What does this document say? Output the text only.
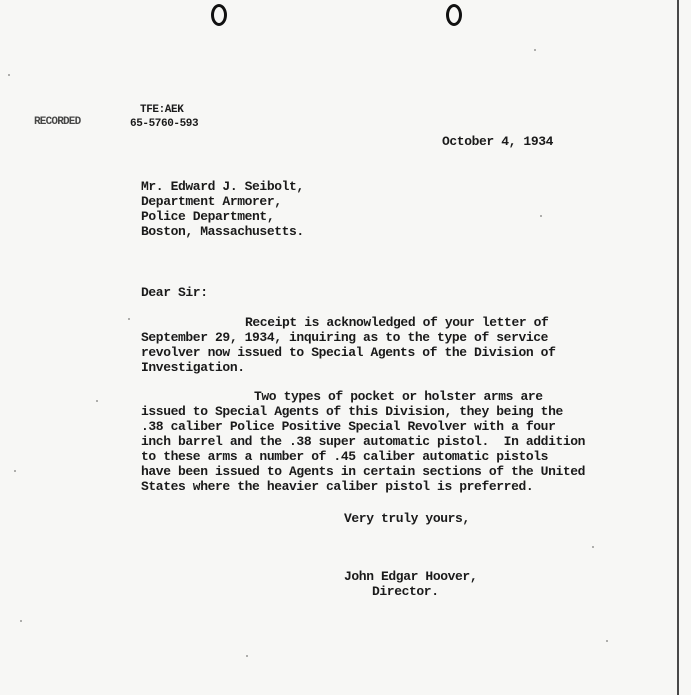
RECORDED
TFE:AEK
65-5760-593
October 4, 1934
Mr. Edward J. Seibolt,
Department Armorer,
Police Department,
Boston, Massachusetts.
Dear Sir:
Receipt is acknowledged of your letter of
September 29, 1934, inquiring as to the type of service
revolver now issued to Special Agents of the Division of
Investigation.
Two types of pocket or holster arms are
issued to Special Agents of this Division, they being the
.38 caliber Police Positive Special Revolver with a four
inch barrel and the .38 super automatic pistol.  In addition
to these arms a number of .45 caliber automatic pistols
have been issued to Agents in certain sections of the United
States where the heavier caliber pistol is preferred.
Very truly yours,
John Edgar Hoover,
Director.
